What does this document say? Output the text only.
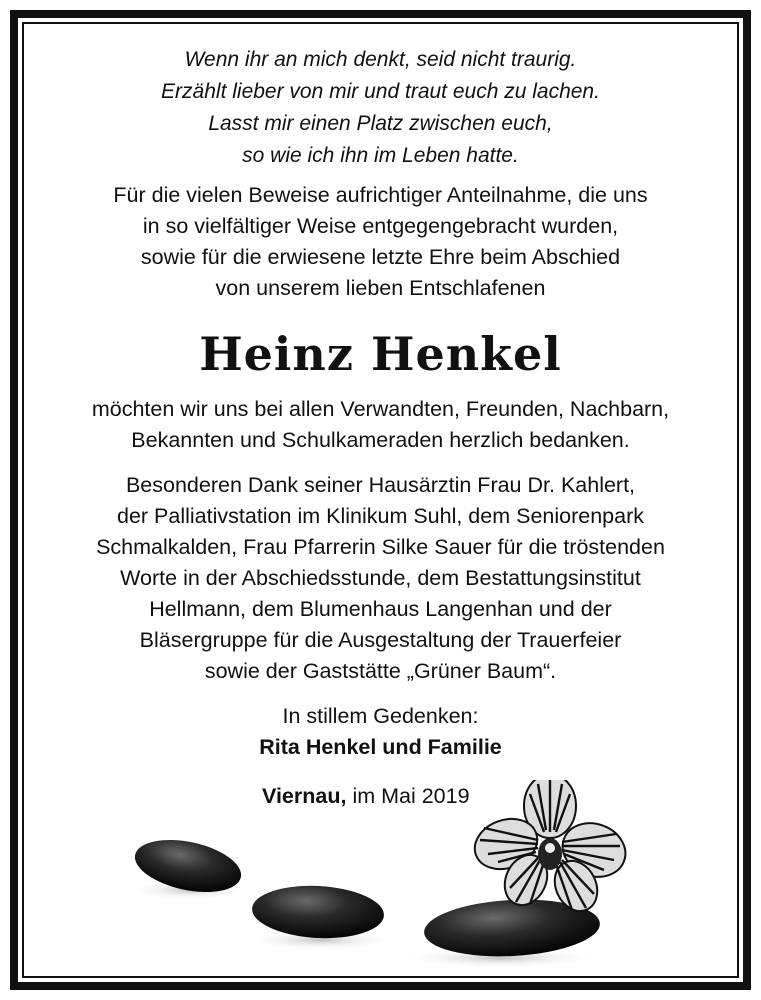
Wenn ihr an mich denkt, seid nicht traurig.
Erzählt lieber von mir und traut euch zu lachen.
Lasst mir einen Platz zwischen euch,
so wie ich ihn im Leben hatte.
Für die vielen Beweise aufrichtiger Anteilnahme, die uns
in so vielfältiger Weise entgegengebracht wurden,
sowie für die erwiesene letzte Ehre beim Abschied
von unserem lieben Entschlafenen
Heinz Henkel
möchten wir uns bei allen Verwandten, Freunden, Nachbarn,
Bekannten und Schulkameraden herzlich bedanken.
Besonderen Dank seiner Hausärztin Frau Dr. Kahlert,
der Palliativstation im Klinikum Suhl, dem Seniorenpark
Schmalkalden, Frau Pfarrerin Silke Sauer für die tröstenden
Worte in der Abschiedsstunde, dem Bestattungsinstitut
Hellmann, dem Blumenhaus Langenhan und der
Bläsergruppe für die Ausgestaltung der Trauerfeier
sowie der Gaststätte „Grüner Baum“.
In stillem Gedenken:
Rita Henkel und Familie
Viernau, im Mai 2019
